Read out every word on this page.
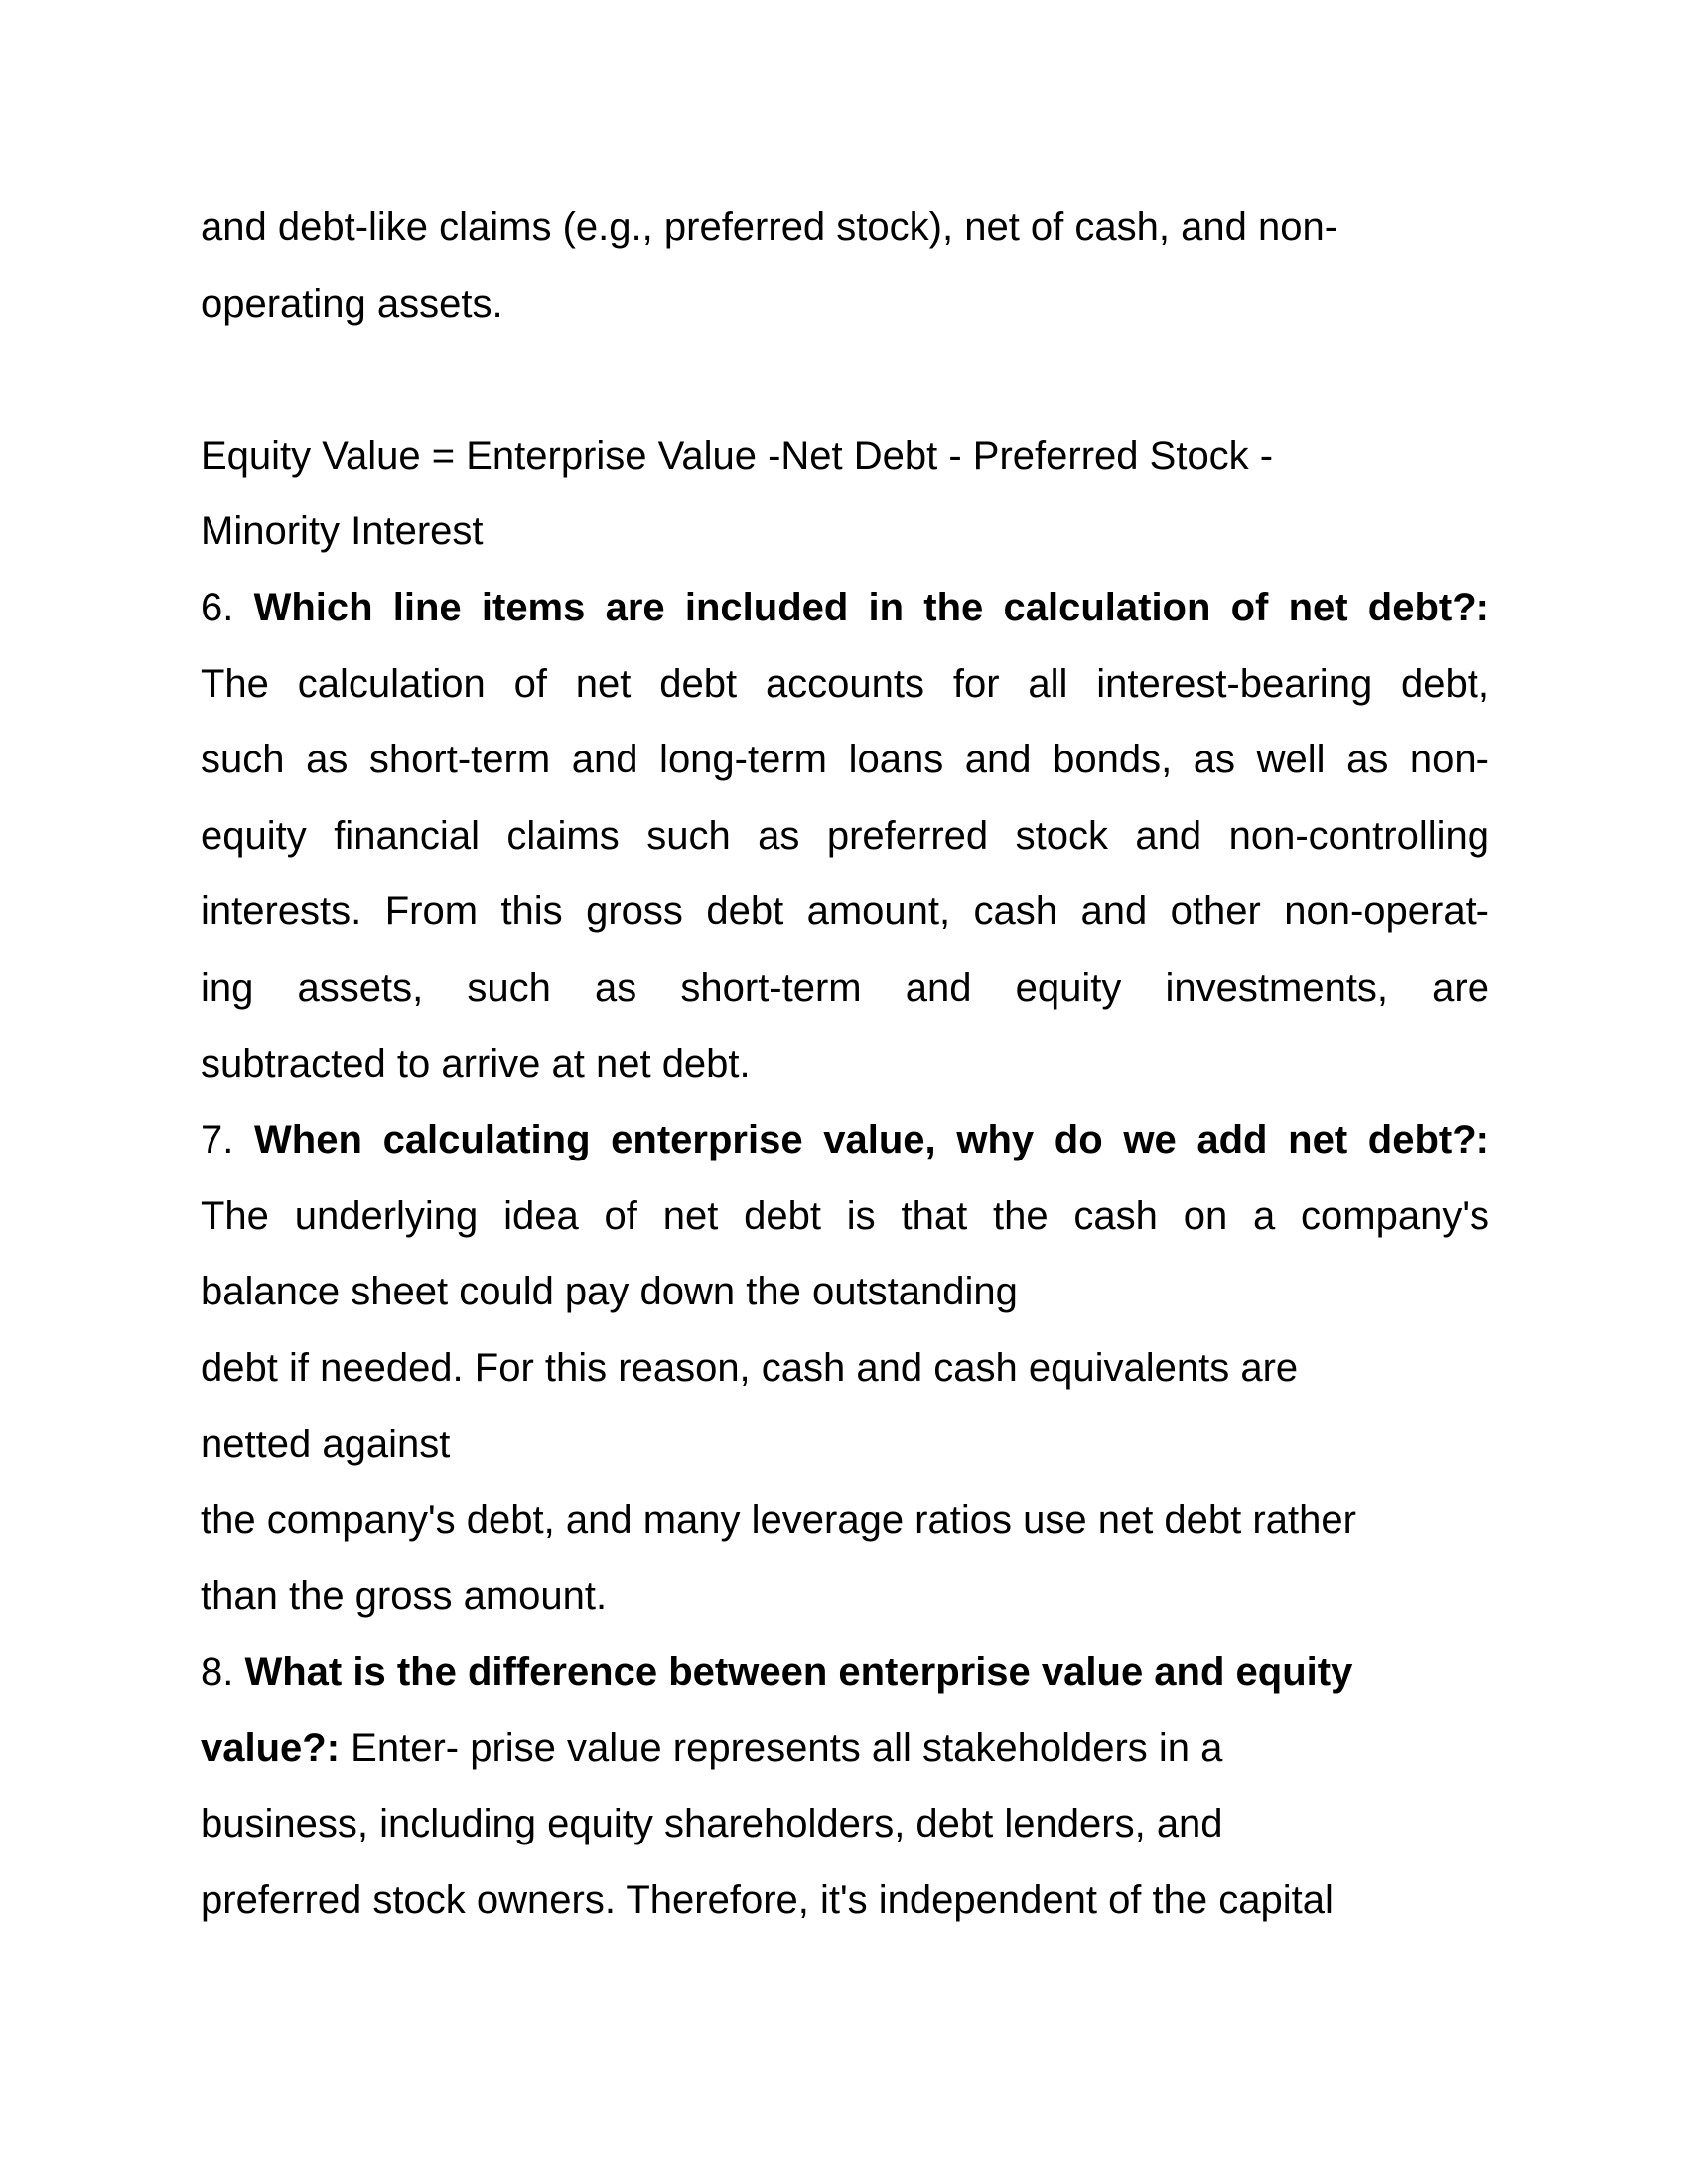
and debt-like claims (e.g., preferred stock), net of cash, and non-
operating assets.
Equity Value = Enterprise Value -Net Debt - Preferred Stock -
Minority Interest
6. Which line items are included in the calculation of net debt?:
The calculation of net debt accounts for all interest-bearing debt,
such as short-term and long-term loans and bonds, as well as non-
equity financial claims such as preferred stock and non-controlling
interests. From this gross debt amount, cash and other non-operat-
ing assets, such as short-term and equity investments, are
subtracted to arrive at net debt.
7. When calculating enterprise value, why do we add net debt?:
The underlying idea of net debt is that the cash on a company's
balance sheet could pay down the outstanding
debt if needed. For this reason, cash and cash equivalents are
netted against
the company's debt, and many leverage ratios use net debt rather
than the gross amount.
8. What is the difference between enterprise value and equity
value?: Enter- prise value represents all stakeholders in a
business, including equity shareholders, debt lenders, and
preferred stock owners. Therefore, it's independent of the capital
